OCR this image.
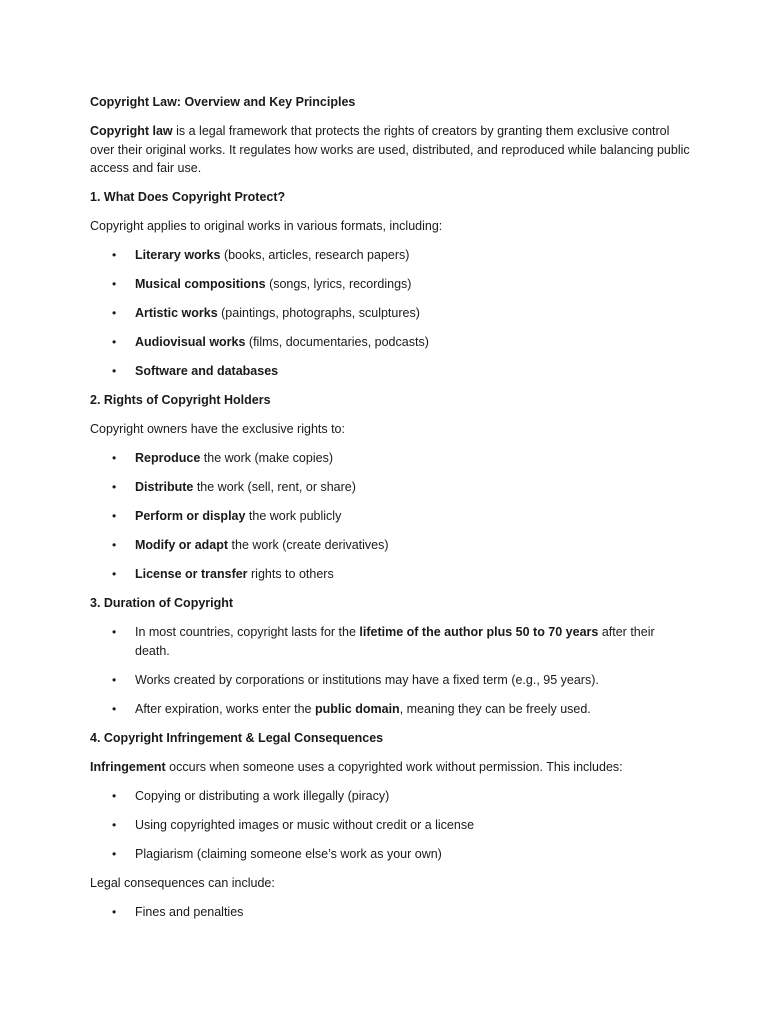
Copyright Law: Overview and Key Principles

Copyright law is a legal framework that protects the rights of creators by granting them exclusive control over their original works. It regulates how works are used, distributed, and reproduced while balancing public access and fair use.

1. What Does Copyright Protect?

Copyright applies to original works in various formats, including:

• Literary works (books, articles, research papers)
• Musical compositions (songs, lyrics, recordings)
• Artistic works (paintings, photographs, sculptures)
• Audiovisual works (films, documentaries, podcasts)
• Software and databases

2. Rights of Copyright Holders

Copyright owners have the exclusive rights to:

• Reproduce the work (make copies)
• Distribute the work (sell, rent, or share)
• Perform or display the work publicly
• Modify or adapt the work (create derivatives)
• License or transfer rights to others

3. Duration of Copyright

• In most countries, copyright lasts for the lifetime of the author plus 50 to 70 years after their death.
• Works created by corporations or institutions may have a fixed term (e.g., 95 years).
• After expiration, works enter the public domain, meaning they can be freely used.

4. Copyright Infringement & Legal Consequences

Infringement occurs when someone uses a copyrighted work without permission. This includes:

• Copying or distributing a work illegally (piracy)
• Using copyrighted images or music without credit or a license
• Plagiarism (claiming someone else’s work as your own)

Legal consequences can include:

• Fines and penalties
